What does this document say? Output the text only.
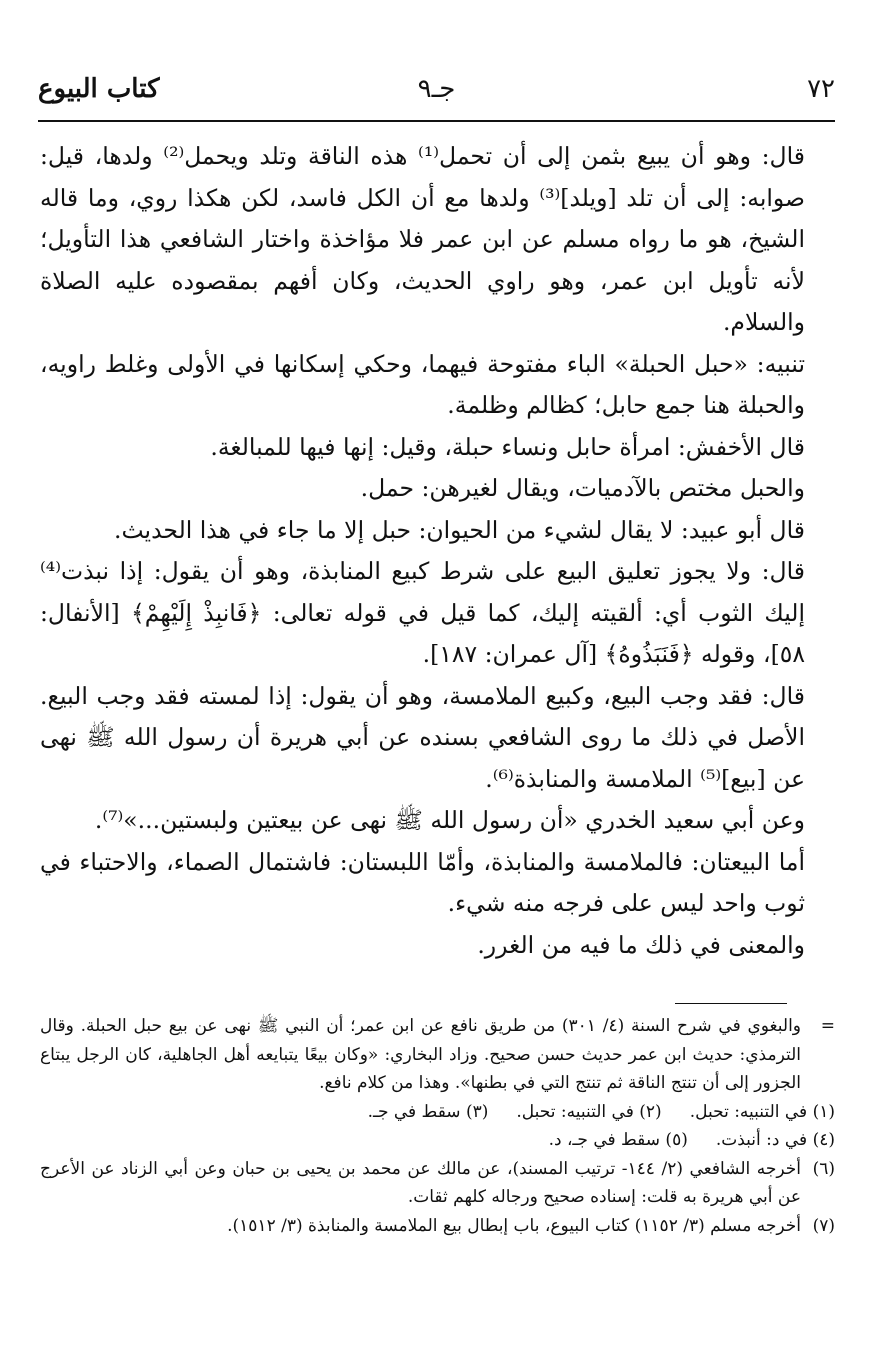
٧٢
جـ٩
كتاب البيوع

قال: وهو أن يبيع بثمن إلى أن تحمل⁽¹⁾ هذه الناقة وتلد ويحمل⁽²⁾ ولدها، قيل: صوابه: إلى أن تلد [ويلد]⁽³⁾ ولدها مع أن الكل فاسد، لكن هكذا روي، وما قاله الشيخ، هو ما رواه مسلم عن ابن عمر فلا مؤاخذة واختار الشافعي هذا التأويل؛ لأنه تأويل ابن عمر، وهو راوي الحديث، وكان أفهم بمقصوده عليه الصلاة والسلام.

تنبيه: «حبل الحبلة» الباء مفتوحة فيهما، وحكي إسكانها في الأولى وغلط راويه، والحبلة هنا جمع حابل؛ كظالم وظلمة.

قال الأخفش: امرأة حابل ونساء حبلة، وقيل: إنها فيها للمبالغة.

والحبل مختص بالآدميات، ويقال لغيرهن: حمل.

قال أبو عبيد: لا يقال لشيء من الحيوان: حبل إلا ما جاء في هذا الحديث.

قال: ولا يجوز تعليق البيع على شرط كبيع المنابذة، وهو أن يقول: إذا نبذت⁽⁴⁾ إليك الثوب أي: ألقيته إليك، كما قيل في قوله تعالى: ﴿فَانبِذْ إِلَيْهِمْ﴾ [الأنفال: ٥٨]، وقوله ﴿فَنَبَذُوهُ﴾ [آل عمران: ١٨٧].

قال: فقد وجب البيع، وكبيع الملامسة، وهو أن يقول: إذا لمسته فقد وجب البيع. الأصل في ذلك ما روى الشافعي بسنده عن أبي هريرة أن رسول الله ﷺ نهى عن [بيع]⁽⁵⁾ الملامسة والمنابذة⁽⁶⁾.

وعن أبي سعيد الخدري «أن رسول الله ﷺ نهى عن بيعتين ولبستين...»⁽⁷⁾.

أما البيعتان: فالملامسة والمنابذة، وأمّا اللبستان: فاشتمال الصماء، والاحتباء في ثوب واحد ليس على فرجه منه شيء.

والمعنى في ذلك ما فيه من الغرر.

=
والبغوي في شرح السنة (٤/ ٣٠١) من طريق نافع عن ابن عمر؛ أن النبي ﷺ نهى عن بيع حبل الحبلة. وقال الترمذي: حديث ابن عمر حديث حسن صحيح. وزاد البخاري: «وكان بيعًا يتبايعه أهل الجاهلية، كان الرجل يبتاع الجزور إلى أن تنتج الناقة ثم تنتج التي في بطنها». وهذا من كلام نافع.
(١) في التنبيه: تحبل.
(٢) في التنبيه: تحبل.
(٣) سقط في جـ.
(٤) في د: أنبذت.
(٥) سقط في جـ، د.
(٦)
أخرجه الشافعي (٢/ ١٤٤- ترتيب المسند)، عن مالك عن محمد بن يحيى بن حبان وعن أبي الزناد عن الأعرج عن أبي هريرة به قلت: إسناده صحيح ورجاله كلهم ثقات.
(٧)
أخرجه مسلم (٣/ ١١٥٢) كتاب البيوع، باب إبطال بيع الملامسة والمنابذة (٣/ ١٥١٢).
